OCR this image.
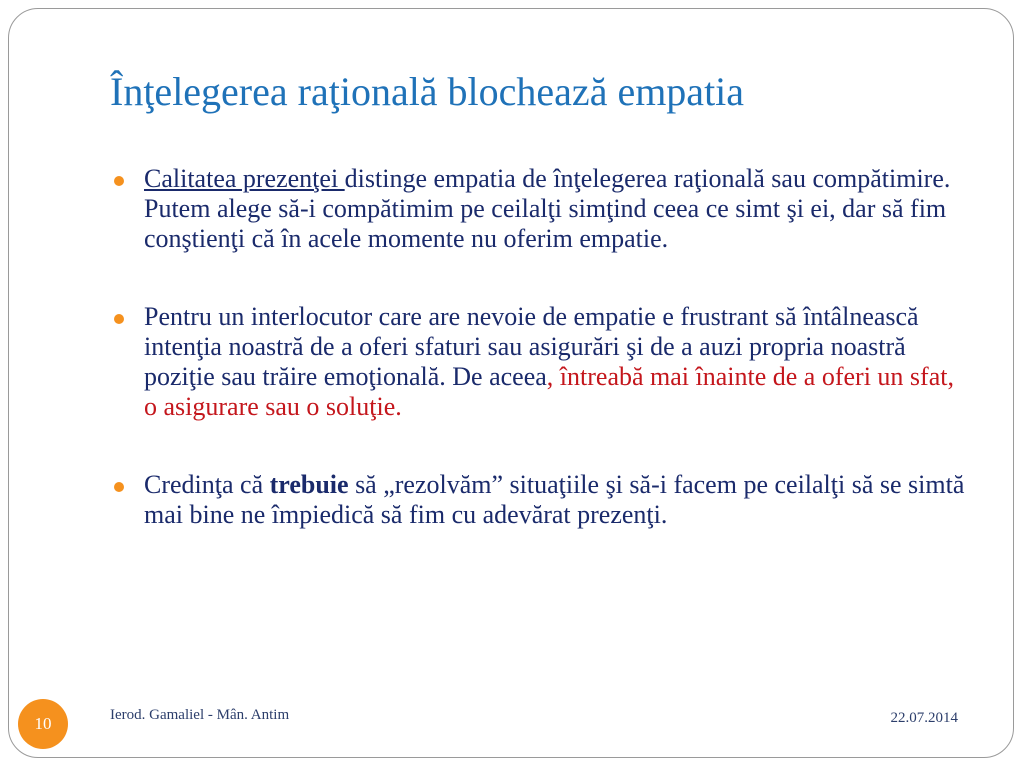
Înţelegerea raţională blochează empatia
Calitatea prezenţei distinge empatia de înţelegerea raţională sau compătimire. Putem alege să-i compătimim pe ceilalţi simţind ceea ce simt şi ei, dar să fim conştienţi că în acele momente nu oferim empatie.
Pentru un interlocutor care are nevoie de empatie e frustrant să întâlnească intenţia noastră de a oferi sfaturi sau asigurări şi de a auzi propria noastră poziţie sau trăire emoţională. De aceea, întreabă mai înainte de a oferi un sfat, o asigurare sau o soluţie.
Credinţa că trebuie să „rezolvăm” situaţiile şi să-i facem pe ceilalţi să se simtă mai bine ne împiedică să fim cu adevărat prezenţi.
10	Ierod. Gamaliel - Mân. Antim	22.07.2014
